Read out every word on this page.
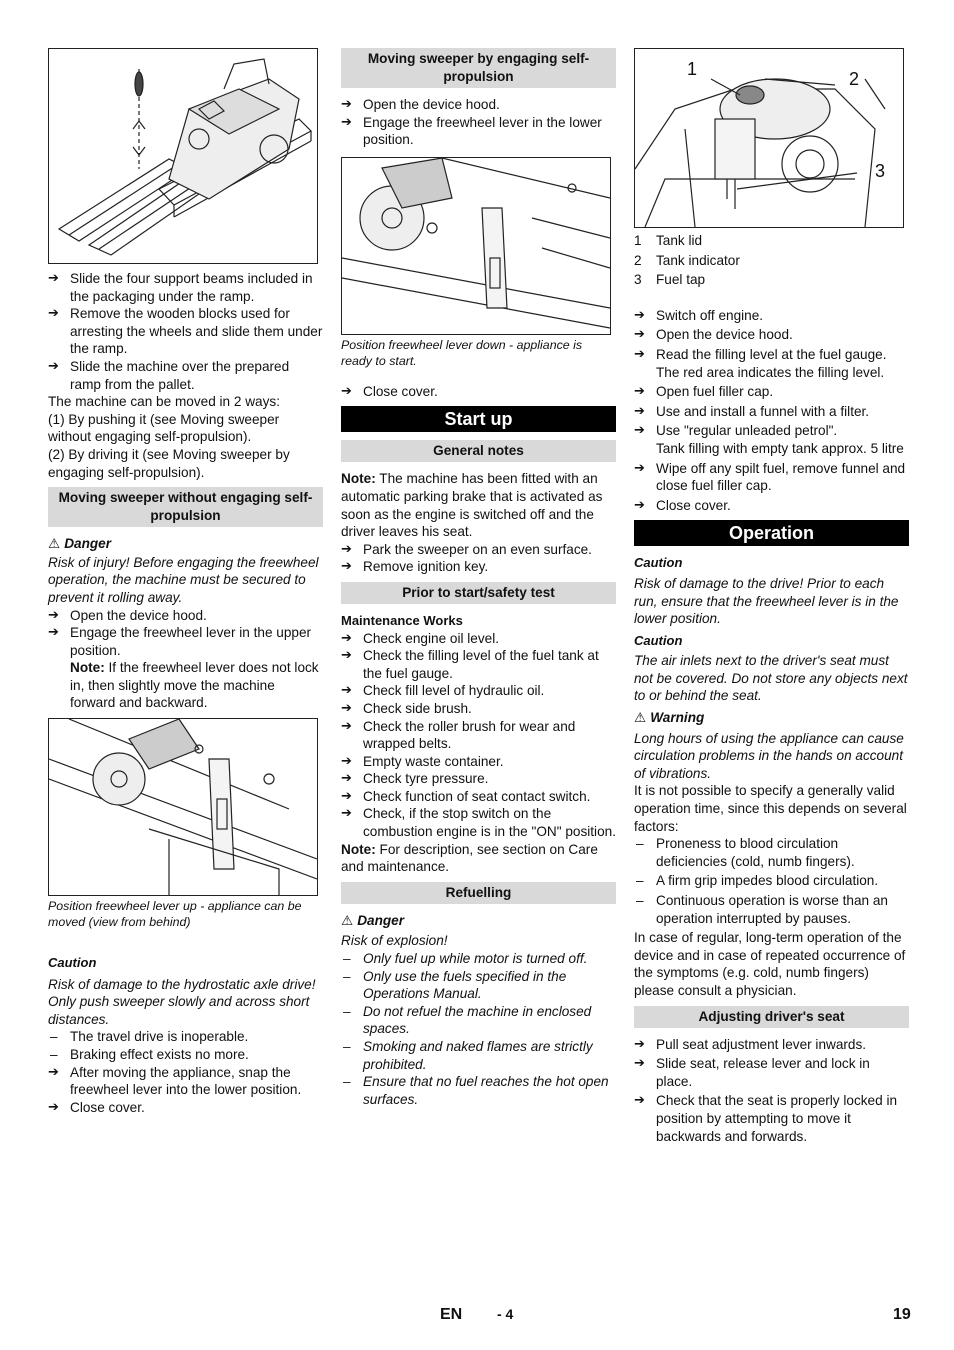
➔ Slide the four support beams included in the packaging under the ramp.
➔ Remove the wooden blocks used for arresting the wheels and slide them under the ramp.
➔ Slide the machine over the prepared ramp from the pallet.
The machine can be moved in 2 ways:
(1) By pushing it (see Moving sweeper without engaging self-propulsion).
(2) By driving it (see Moving sweeper by engaging self-propulsion).
Moving sweeper without engaging self-propulsion
⚠ Danger
Risk of injury! Before engaging the freewheel operation, the machine must be secured to prevent it rolling away.
➔ Open the device hood.
➔ Engage the freewheel lever in the upper position.
Note: If the freewheel lever does not lock in, then slightly move the machine forward and backward.
Position freewheel lever up - appliance can be moved (view from behind)
Caution
Risk of damage to the hydrostatic axle drive!
Only push sweeper slowly and across short distances.
– The travel drive is inoperable.
– Braking effect exists no more.
➔ After moving the appliance, snap the freewheel lever into the lower position.
➔ Close cover.
Moving sweeper by engaging self-propulsion
➔ Open the device hood.
➔ Engage the freewheel lever in the lower position.
Position freewheel lever down - appliance is ready to start.
➔ Close cover.
Start up
General notes
Note: The machine has been fitted with an automatic parking brake that is activated as soon as the engine is switched off and the driver leaves his seat.
➔ Park the sweeper on an even surface.
➔ Remove ignition key.
Prior to start/safety test
Maintenance Works
➔ Check engine oil level.
➔ Check the filling level of the fuel tank at the fuel gauge.
➔ Check fill level of hydraulic oil.
➔ Check side brush.
➔ Check the roller brush for wear and wrapped belts.
➔ Empty waste container.
➔ Check tyre pressure.
➔ Check function of seat contact switch.
➔ Check, if the stop switch on the combustion engine is in the "ON" position.
Note: For description, see section on Care and maintenance.
Refuelling
⚠ Danger
Risk of explosion!
– Only fuel up while motor is turned off.
– Only use the fuels specified in the Operations Manual.
– Do not refuel the machine in enclosed spaces.
– Smoking and naked flames are strictly prohibited.
– Ensure that no fuel reaches the hot open surfaces.
1	2
3
1 Tank lid
2 Tank indicator
3 Fuel tap
➔ Switch off engine.
➔ Open the device hood.
➔ Read the filling level at the fuel gauge. The red area indicates the filling level.
➔ Open fuel filler cap.
➔ Use and install a funnel with a filter.
➔ Use "regular unleaded petrol".
Tank filling with empty tank approx. 5 litre
➔ Wipe off any spilt fuel, remove funnel and close fuel filler cap.
➔ Close cover.
Operation
Caution
Risk of damage to the drive! Prior to each run, ensure that the freewheel lever is in the lower position.
Caution
The air inlets next to the driver's seat must not be covered. Do not store any objects next to or behind the seat.
⚠ Warning
Long hours of using the appliance can cause circulation problems in the hands on account of vibrations.
It is not possible to specify a generally valid operation time, since this depends on several factors:
– Proneness to blood circulation deficiencies (cold, numb fingers).
– A firm grip impedes blood circulation.
– Continuous operation is worse than an operation interrupted by pauses.
In case of regular, long-term operation of the device and in case of repeated occurrence of the symptoms (e.g. cold, numb fingers) please consult a physician.
Adjusting driver's seat
➔ Pull seat adjustment lever inwards.
➔ Slide seat, release lever and lock in place.
➔ Check that the seat is properly locked in position by attempting to move it backwards and forwards.
EN - 4	19
